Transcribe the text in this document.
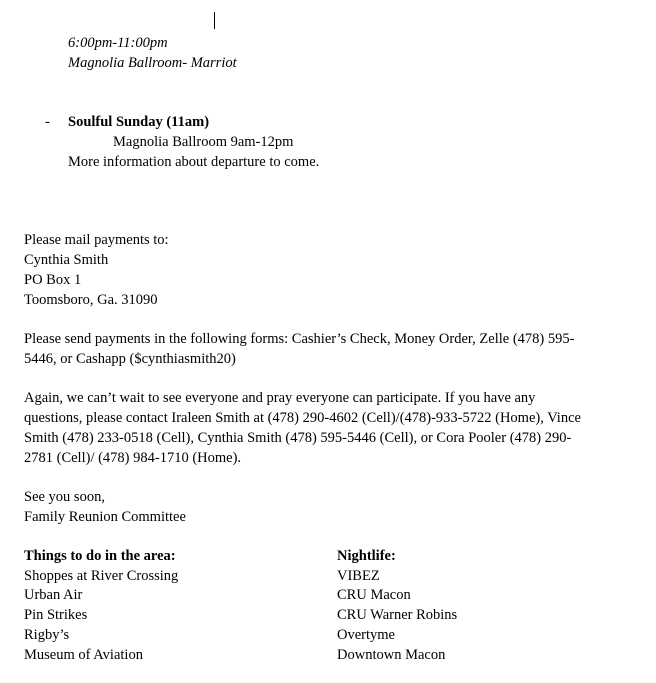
6:00pm-11:00pm
Magnolia Ballroom- Marriot
- Soulful Sunday (11am)
Magnolia Ballroom 9am-12pm
More information about departure to come.
Please mail payments to:
Cynthia Smith
PO Box 1
Toomsboro, Ga. 31090
Please send payments in the following forms: Cashier’s Check, Money Order, Zelle (478) 595-
5446, or Cashapp ($cynthiasmith20)
Again, we can’t wait to see everyone and pray everyone can participate. If you have any
questions, please contact Iraleen Smith at (478) 290-4602 (Cell)/(478)-933-5722 (Home), Vince
Smith (478) 233-0518 (Cell), Cynthia Smith (478) 595-5446 (Cell), or Cora Pooler (478) 290-
2781 (Cell)/ (478) 984-1710 (Home).
See you soon,
Family Reunion Committee
Things to do in the area:
Shoppes at River Crossing
Urban Air
Pin Strikes
Rigby’s
Museum of Aviation
Nightlife:
VIBEZ
CRU Macon
CRU Warner Robins
Overtyme
Downtown Macon
